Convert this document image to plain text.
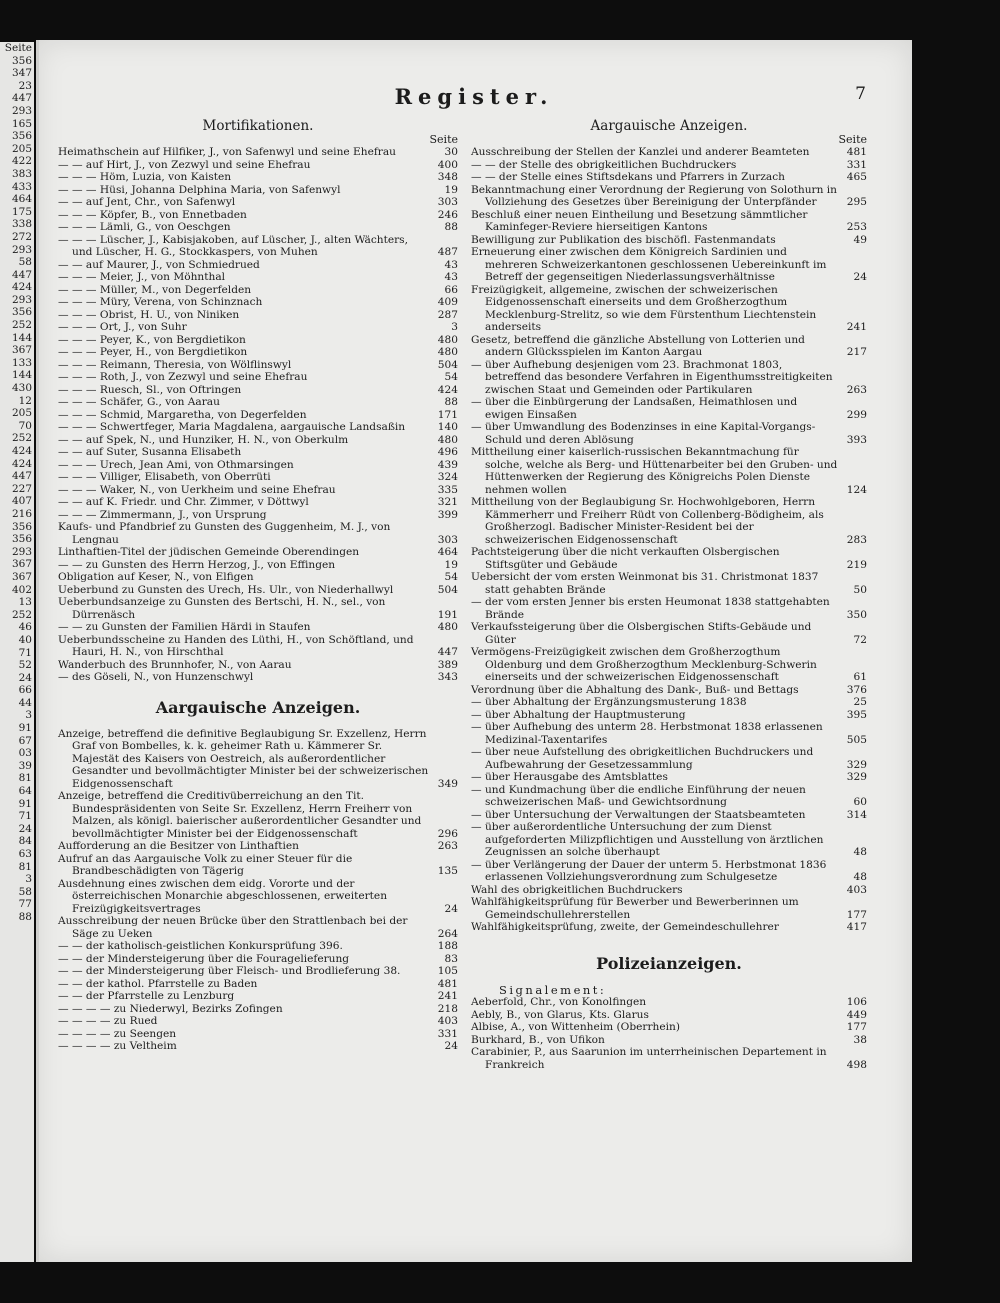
Seite
356
347
23
447
293
165
356
205
422
383
433
464
175
338
272
293
58
447
424
293
356
252
144
367
133
144
430
12
205
70
252
424
424
447
227
407
216
356
356
293
367
367
402
13
252
46
40
71
52
24
66
44
3
91
67
03
39
81
64
91
71
24
84
63
81
3
58
77
88
Register.	7
Mortifikationen.
Seite
Heimathschein auf Hilfiker, J., von Safenwyl und seine Ehefrau	30
— — auf Hirt, J., von Zezwyl und seine Ehefrau	400
— — — Höm, Luzia, von Kaisten	348
— — — Hüsi, Johanna Delphina Maria, von Safenwyl	19
— — auf Jent, Chr., von Safenwyl	303
— — — Köpfer, B., von Ennetbaden	246
— — — Lämli, G., von Oeschgen	88
— — — Lüscher, J., Kabisjakoben, auf Lüscher, J., alten Wächters, und Lüscher, H. G., Stockkaspers, von Muhen	487
— — auf Maurer, J., von Schmiedrued	43
— — — Meier, J., von Möhnthal	43
— — — Müller, M., von Degerfelden	66
— — — Müry, Verena, von Schinznach	409
— — — Obrist, H. U., von Niniken	287
— — — Ort, J., von Suhr	3
— — — Peyer, K., von Bergdietikon	480
— — — Peyer, H., von Bergdietikon	480
— — — Reimann, Theresia, von Wölflinswyl	504
— — — Roth, J., von Zezwyl und seine Ehefrau	54
— — — Ruesch, Sl., von Oftringen	424
— — — Schäfer, G., von Aarau	88
— — — Schmid, Margaretha, von Degerfelden	171
— — — Schwertfeger, Maria Magdalena, aargauische Landsaßin	140
— — auf Spek, N., und Hunziker, H. N., von Oberkulm	480
— — auf Suter, Susanna Elisabeth	496
— — — Urech, Jean Ami, von Othmarsingen	439
— — — Villiger, Elisabeth, von Oberrüti	324
— — — Waker, N., von Uerkheim und seine Ehefrau	335
— — auf K. Friedr. und Chr. Zimmer, v Döttwyl	321
— — — Zimmermann, J., von Ursprung	399
Kaufs- und Pfandbrief zu Gunsten des Guggenheim, M. J., von Lengnau	303
Linthaftien-Titel der jüdischen Gemeinde Oberendingen	464
— — zu Gunsten des Herrn Herzog, J., von Effingen	19
Obligation auf Keser, N., von Elfigen	54
Ueberbund zu Gunsten des Urech, Hs. Ulr., von Niederhallwyl	504
Ueberbundsanzeige zu Gunsten des Bertschi, H. N., sel., von Dürrenäsch	191
— — zu Gunsten der Familien Härdi in Staufen	480
Ueberbundsscheine zu Handen des Lüthi, H., von Schöftland, und Hauri, H. N., von Hirschthal	447
Wanderbuch des Brunnhofer, N., von Aarau	389
— des Göseli, N., von Hunzenschwyl	343
Aargauische Anzeigen.
Anzeige, betreffend die definitive Beglaubigung Sr. Exzellenz, Herrn Graf von Bombelles, k. k. geheimer Rath u. Kämmerer Sr. Majestät des Kaisers von Oestreich, als außerordentlicher Gesandter und bevollmächtigter Minister bei der schweizerischen Eidgenossenschaft	349
Anzeige, betreffend die Creditivüberreichung an den Tit. Bundespräsidenten von Seite Sr. Exzellenz, Herrn Freiherr von Malzen, als königl. baierischer außerordentlicher Gesandter und bevollmächtigter Minister bei der Eidgenossenschaft	296
Aufforderung an die Besitzer von Linthaftien	263
Aufruf an das Aargauische Volk zu einer Steuer für die Brandbeschädigten von Tägerig	135
Ausdehnung eines zwischen dem eidg. Vororte und der österreichischen Monarchie abgeschlossenen, erweiterten Freizügigkeitsvertrages	24
Ausschreibung der neuen Brücke über den Strattlenbach bei der Säge zu Ueken	264
— — der katholisch-geistlichen Konkursprüfung 396.	188
— — der Mindersteigerung über die Fouragelieferung	83
— — der Mindersteigerung über Fleisch- und Brodlieferung 38.	105
— — der kathol. Pfarrstelle zu Baden	481
— — der Pfarrstelle zu Lenzburg	241
— — — — zu Niederwyl, Bezirks Zofingen	218
— — — — zu Rued	403
— — — — zu Seengen	331
— — — — zu Veltheim	24
Aargauische Anzeigen.
Seite
Ausschreibung der Stellen der Kanzlei und anderer Beamteten	481
— — der Stelle des obrigkeitlichen Buchdruckers	331
— — der Stelle eines Stiftsdekans und Pfarrers in Zurzach	465
Bekanntmachung einer Verordnung der Regierung von Solothurn in Vollziehung des Gesetzes über Bereinigung der Unterpfänder	295
Beschluß einer neuen Eintheilung und Besetzung sämmtlicher Kaminfeger-Reviere hierseitigen Kantons	253
Bewilligung zur Publikation des bischöfl. Fastenmandats	49
Erneuerung einer zwischen dem Königreich Sardinien und mehreren Schweizerkantonen geschlossenen Uebereinkunft im Betreff der gegenseitigen Niederlassungsverhältnisse	24
Freizügigkeit, allgemeine, zwischen der schweizerischen Eidgenossenschaft einerseits und dem Großherzogthum Mecklenburg-Strelitz, so wie dem Fürstenthum Liechtenstein anderseits	241
Gesetz, betreffend die gänzliche Abstellung von Lotterien und andern Glücksspielen im Kanton Aargau	217
— über Aufhebung desjenigen vom 23. Brachmonat 1803, betreffend das besondere Verfahren in Eigenthumsstreitigkeiten zwischen Staat und Gemeinden oder Partikularen	263
— über die Einbürgerung der Landsaßen, Heimathlosen und ewigen Einsaßen	299
— über Umwandlung des Bodenzinses in eine Kapital-Vorgangs-Schuld und deren Ablösung	393
Mittheilung einer kaiserlich-russischen Bekanntmachung für solche, welche als Berg- und Hüttenarbeiter bei den Gruben- und Hüttenwerken der Regierung des Königreichs Polen Dienste nehmen wollen	124
Mittheilung von der Beglaubigung Sr. Hochwohlgeboren, Herrn Kämmerherr und Freiherr Rüdt von Collenberg-Bödigheim, als Großherzogl. Badischer Minister-Resident bei der schweizerischen Eidgenossenschaft	283
Pachtsteigerung über die nicht verkauften Olsbergischen Stiftsgüter und Gebäude	219
Uebersicht der vom ersten Weinmonat bis 31. Christmonat 1837 statt gehabten Brände	50
— der vom ersten Jenner bis ersten Heumonat 1838 stattgehabten Brände	350
Verkaufssteigerung über die Olsbergischen Stifts-Gebäude und Güter	72
Vermögens-Freizügigkeit zwischen dem Großherzogthum Oldenburg und dem Großherzogthum Mecklenburg-Schwerin einerseits und der schweizerischen Eidgenossenschaft	61
Verordnung über die Abhaltung des Dank-, Buß- und Bettags	376
— über Abhaltung der Ergänzungsmusterung 1838	25
— über Abhaltung der Hauptmusterung	395
— über Aufhebung des unterm 28. Herbstmonat 1838 erlassenen Medizinal-Taxentarifes	505
— über neue Aufstellung des obrigkeitlichen Buchdruckers und Aufbewahrung der Gesetzessammlung	329
— über Herausgabe des Amtsblattes	329
— und Kundmachung über die endliche Einführung der neuen schweizerischen Maß- und Gewichtsordnung	60
— über Untersuchung der Verwaltungen der Staatsbeamteten	314
— über außerordentliche Untersuchung der zum Dienst aufgeforderten Milizpflichtigen und Ausstellung von ärztlichen Zeugnissen an solche überhaupt	48
— über Verlängerung der Dauer der unterm 5. Herbstmonat 1836 erlassenen Vollziehungsverordnung zum Schulgesetze	48
Wahl des obrigkeitlichen Buchdruckers	403
Wahlfähigkeitsprüfung für Bewerber und Bewerberinnen um Gemeindschullehrerstellen	177
Wahlfähigkeitsprüfung, zweite, der Gemeindeschullehrer	417
Polizeianzeigen.
Signalement:
Aeberfold, Chr., von Konolfingen	106
Aebly, B., von Glarus, Kts. Glarus	449
Albise, A., von Wittenheim (Oberrhein)	177
Burkhard, B., von Ufikon	38
Carabinier, P., aus Saarunion im unterrheinischen Departement in Frankreich	498
